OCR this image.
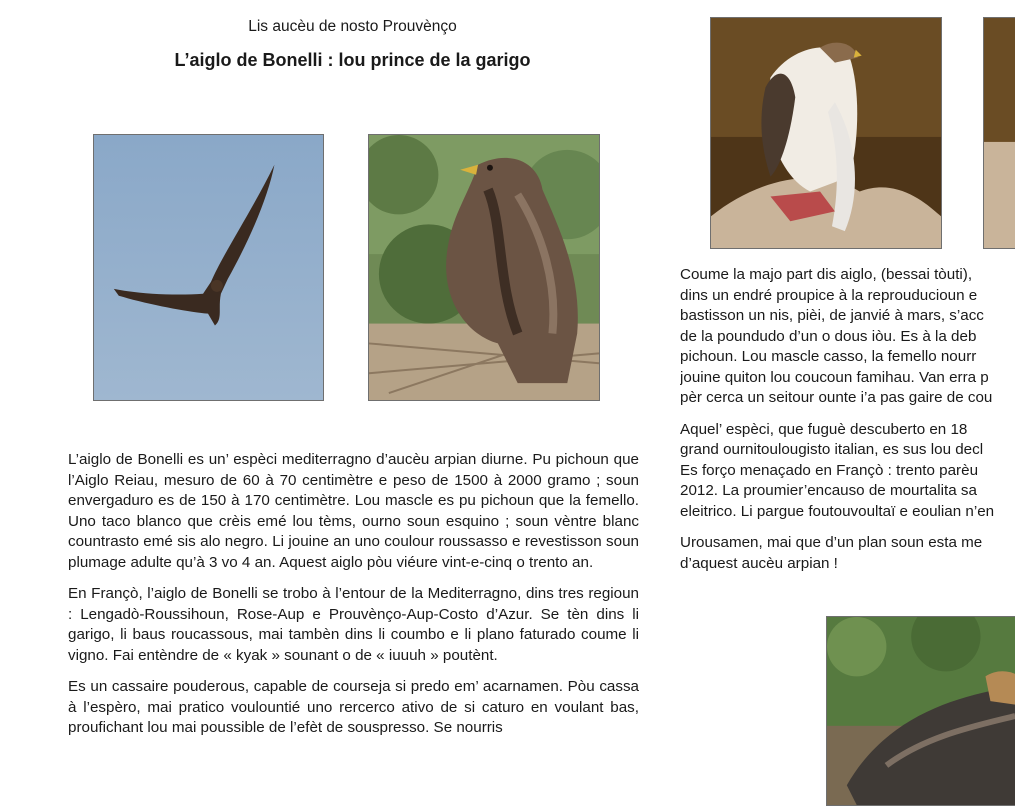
Lis aucèu de nosto Prouvènço
L’aiglo de Bonelli : lou prince de la garigo

L’aiglo de Bonelli es un’ espèci mediterragno d’aucèu arpian diurne. Pu pichoun que l’Aiglo Reiau, mesuro de 60 à 70 centimètre e peso de 1500 à 2000 gramo ; soun envergaduro es de 150 à 170 centimètre. Lou mascle es pu pichoun que la femello. Uno taco blanco que crèis emé lou tèms, ourno soun esquino ; soun vèntre blanc countrasto emé sis alo negro. Li jouine an uno coulour roussasso e revestisson soun plumage adulte qu’à 3 vo 4 an. Aquest aiglo pòu viéure vint-e-cinq o trento an.

En Françò, l’aiglo de Bonelli se trobo à l’entour de la Mediterragno, dins tres regioun : Lengadò-Roussihoun, Rose-Aup e Prouvènço-Aup-Costo d’Azur. Se tèn dins li garigo, li baus roucassous, mai tambèn dins li coumbo e li plano faturado coume li vigno. Fai entèndre de « kyak » sounant o de « iuuuh » poutènt.

Es un cassaire pouderous, capable de courseja si predo em’ acarnamen. Pòu cassa à l’espèro, mai pratico voulountié uno rercerco ativo de si caturo en voulant bas, proufichant lou mai poussible de l’efèt de souspresso. Se nourris

Coume la majo part dis aiglo, (bessai tòuti),
dins un endré proupice à la reprouducioun e
bastisson un nis, pièi, de janvié à mars, s’acc
de la poundudo d’un o dous iòu. Es à la deb
pichoun. Lou mascle casso, la femello nourr
jouine quiton lou coucoun famihau. Van erra p
pèr cerca un seitour ounte i’a pas gaire de cou
Aquel’ espèci, que fuguè descuberto en 18
grand ournitoulougisto italian, es sus lou decl
Es forço menaçado en Françò : trento parèu
2012. La proumier’encauso de mourtalita sa
eleitrico. Li pargue foutouvoultaï e eoulian n’en
Urousamen, mai que d’un plan soun esta me
d’aquest aucèu arpian !
